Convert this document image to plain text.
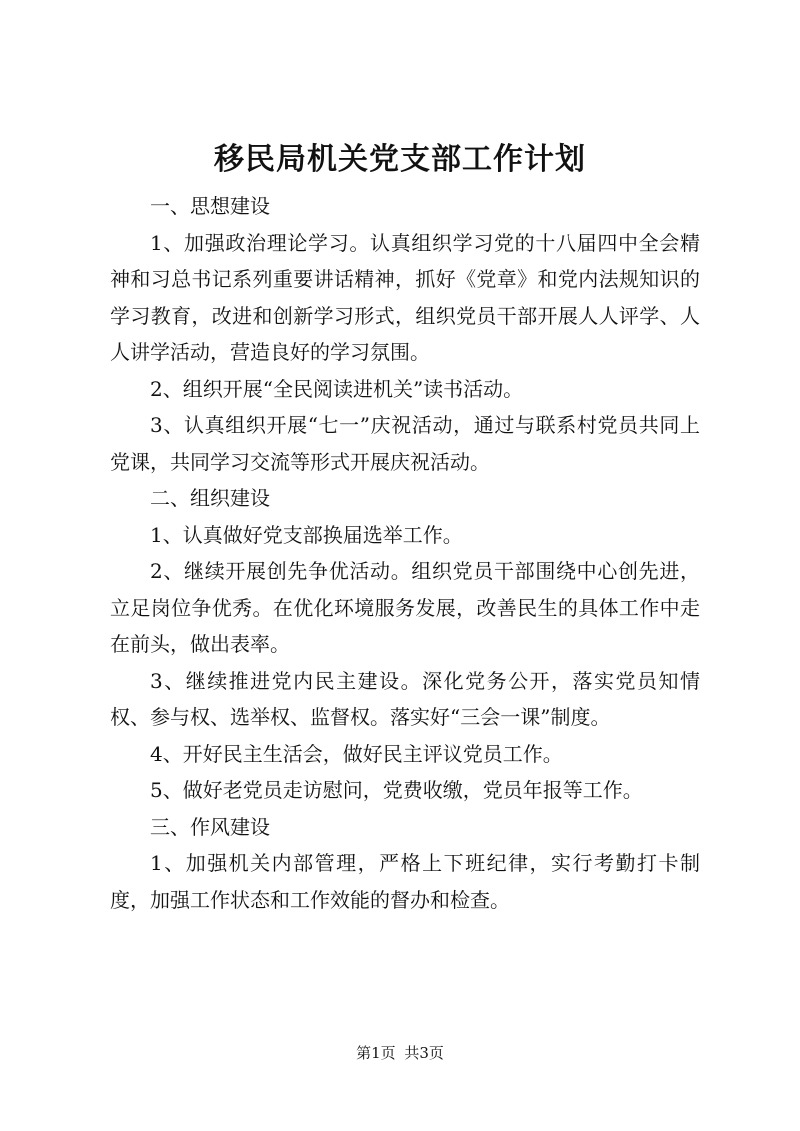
移民局机关党支部工作计划

一、思想建设

1、加强政治理论学习。认真组织学习党的十八届四中全会精神和习总书记系列重要讲话精神，抓好《党章》和党内法规知识的学习教育，改进和创新学习形式，组织党员干部开展人人评学、人人讲学活动，营造良好的学习氛围。

2、组织开展“全民阅读进机关”读书活动。

3、认真组织开展“七一”庆祝活动，通过与联系村党员共同上党课，共同学习交流等形式开展庆祝活动。

二、组织建设

1、认真做好党支部换届选举工作。

2、继续开展创先争优活动。组织党员干部围绕中心创先进，立足岗位争优秀。在优化环境服务发展，改善民生的具体工作中走在前头，做出表率。

3、继续推进党内民主建设。深化党务公开，落实党员知情权、参与权、选举权、监督权。落实好“三会一课”制度。

4、开好民主生活会，做好民主评议党员工作。

5、做好老党员走访慰问，党费收缴，党员年报等工作。

三、作风建设

1、加强机关内部管理，严格上下班纪律，实行考勤打卡制度，加强工作状态和工作效能的督办和检查。

第1页 共3页
